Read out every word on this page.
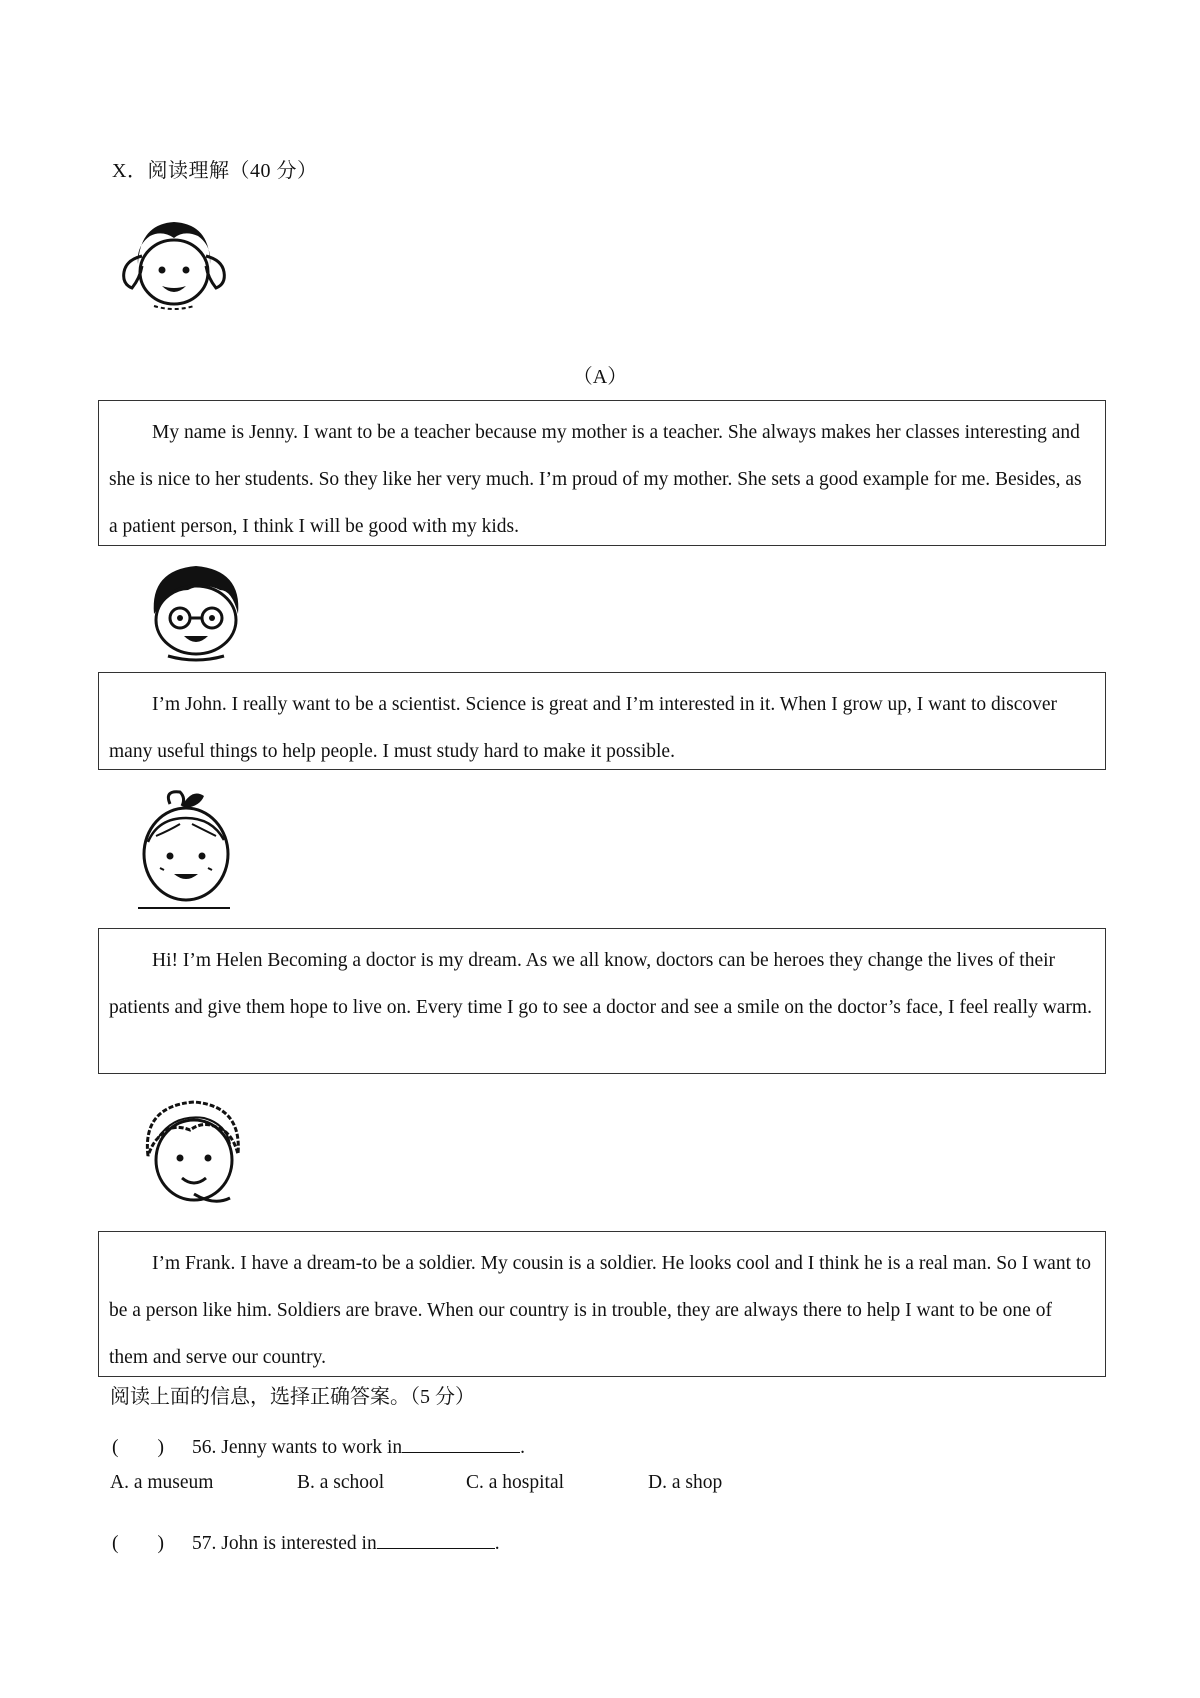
X．阅读理解（40 分）
（A）

My name is Jenny. I want to be a teacher because my mother is a teacher. She always makes her classes interesting and she is nice to her students. So they like her very much. I’m proud of my mother. She sets a good example for me. Besides, as a patient person, I think I will be good with my kids.

I’m John. I really want to be a scientist. Science is great and I’m interested in it. When I grow up, I want to discover many useful things to help people. I must study hard to make it possible.

Hi! I’m Helen Becoming a doctor is my dream. As we all know, doctors can be heroes they change the lives of their patients and give them hope to live on. Every time I go to see a doctor and see a smile on the doctor’s face, I feel really warm.

I’m Frank. I have a dream-to be a soldier. My cousin is a soldier. He looks cool and I think he is a real man. So I want to be a person like him. Soldiers are brave. When our country is in trouble, they are always there to help I want to be one of them and serve our country.

阅读上面的信息，选择正确答案。（5 分）
(　　) 56. Jenny wants to work in	.
A. a museum	B. a school	C. a hospital	D. a shop
(　　) 57. John is interested in	.
